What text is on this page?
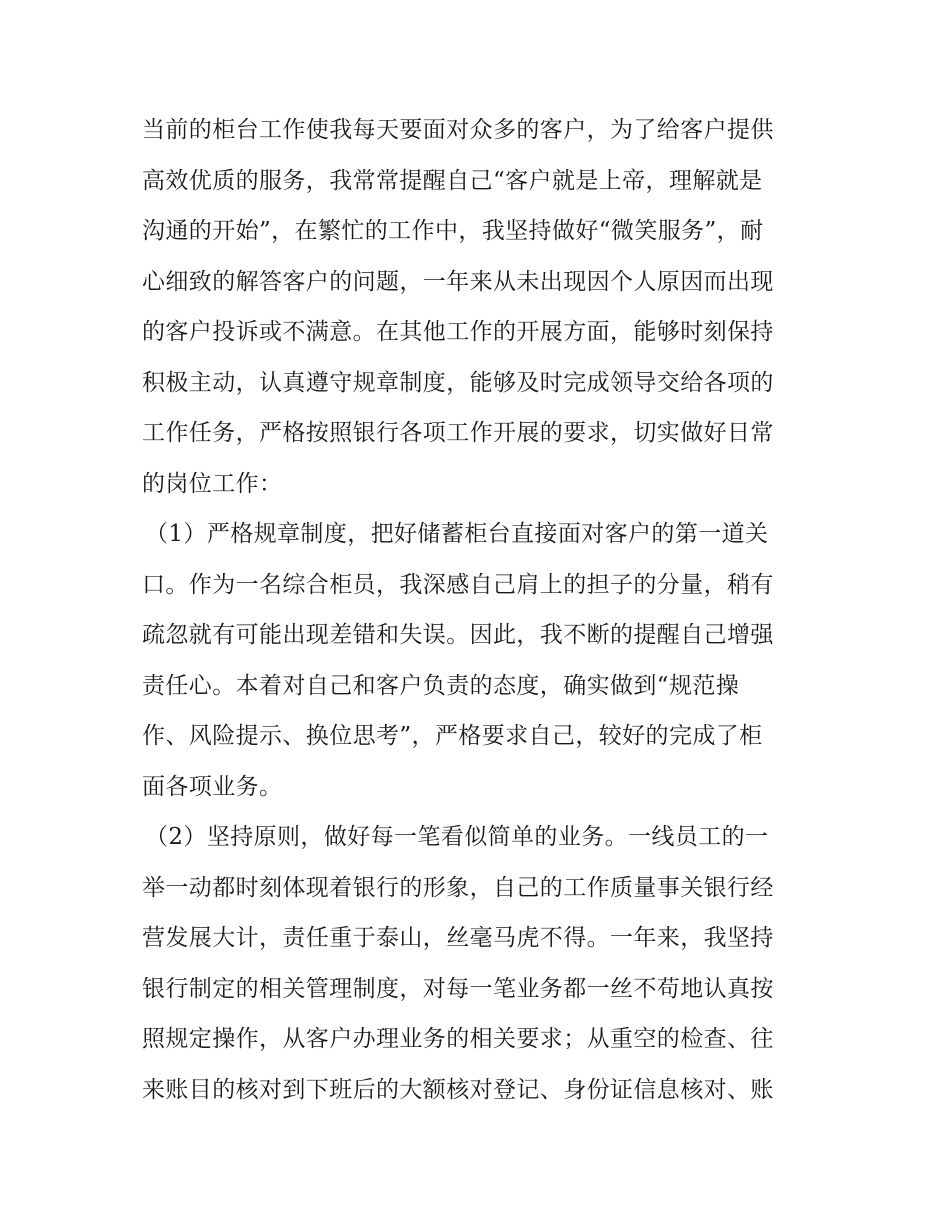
当前的柜台工作使我每天要面对众多的客户，为了给客户提供
高效优质的服务，我常常提醒自己“客户就是上帝，理解就是
沟通的开始”，在繁忙的工作中，我坚持做好“微笑服务”，耐
心细致的解答客户的问题，一年来从未出现因个人原因而出现
的客户投诉或不满意。在其他工作的开展方面，能够时刻保持
积极主动，认真遵守规章制度，能够及时完成领导交给各项的
工作任务，严格按照银行各项工作开展的要求，切实做好日常
的岗位工作：
（1）严格规章制度，把好储蓄柜台直接面对客户的第一道关
口。作为一名综合柜员，我深感自己肩上的担子的分量，稍有
疏忽就有可能出现差错和失误。因此，我不断的提醒自己增强
责任心。本着对自己和客户负责的态度，确实做到“规范操
作、风险提示、换位思考”，严格要求自己，较好的完成了柜
面各项业务。
（2）坚持原则，做好每一笔看似简单的业务。一线员工的一
举一动都时刻体现着银行的形象，自己的工作质量事关银行经
营发展大计，责任重于泰山，丝毫马虎不得。一年来，我坚持
银行制定的相关管理制度，对每一笔业务都一丝不苟地认真按
照规定操作，从客户办理业务的相关要求；从重空的检查、往
来账目的核对到下班后的大额核对登记、身份证信息核对、账
